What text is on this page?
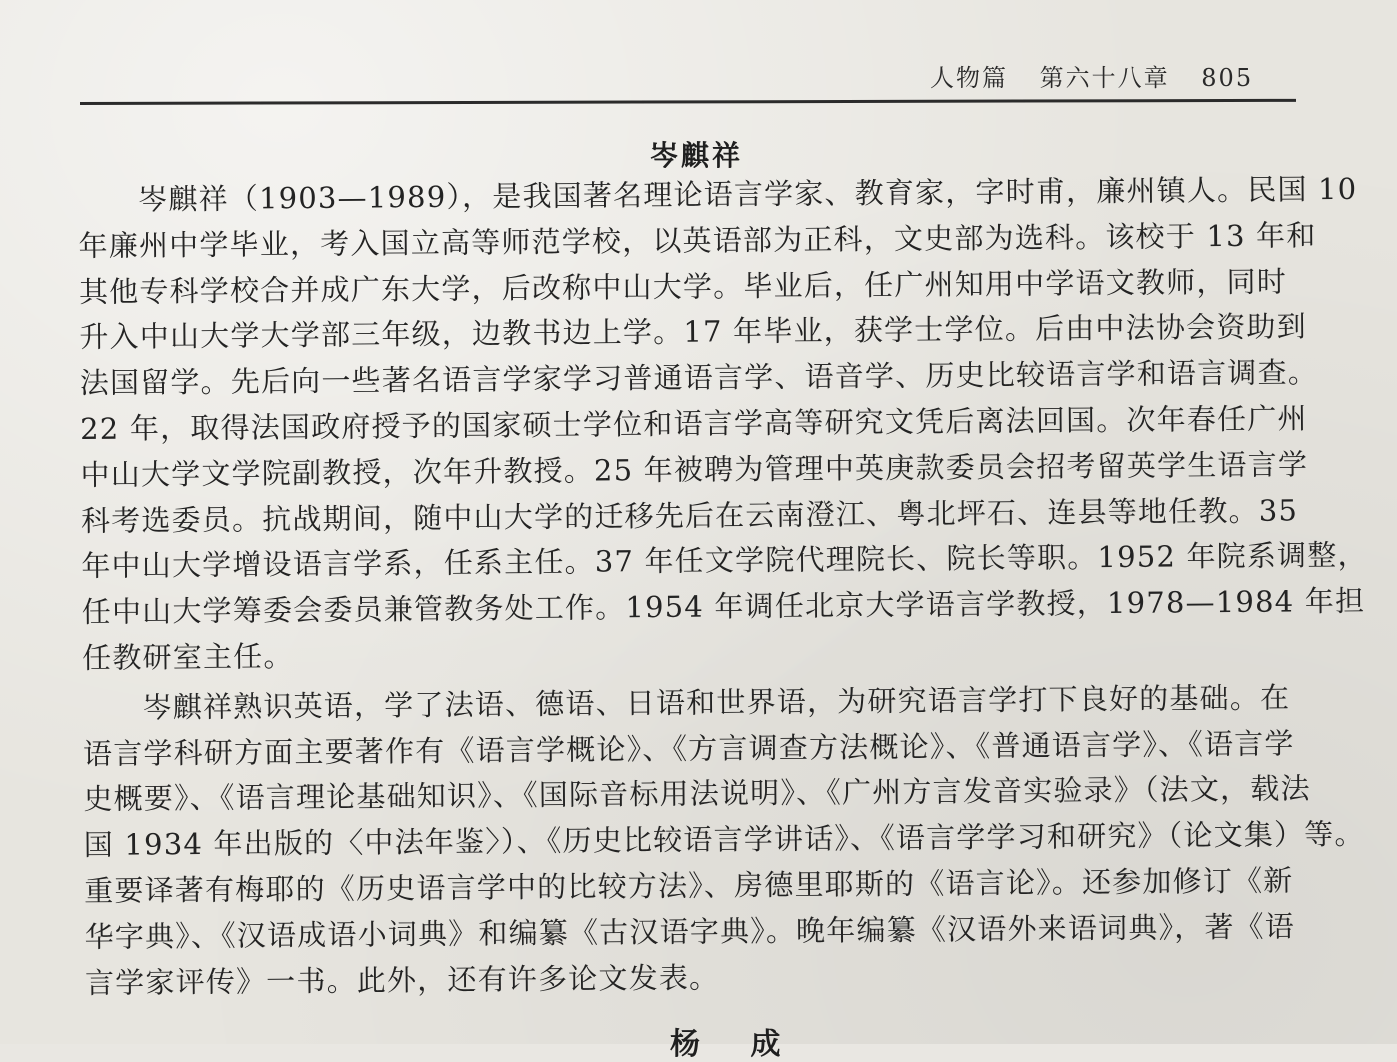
人物篇 第六十八章 805
岑麒祥
岑麒祥（1903—1989），是我国著名理论语言学家、教育家，字时甫，廉州镇人。民国 10
年廉州中学毕业，考入国立高等师范学校，以英语部为正科，文史部为选科。该校于 13 年和
其他专科学校合并成广东大学，后改称中山大学。毕业后，任广州知用中学语文教师，同时
升入中山大学大学部三年级，边教书边上学。17 年毕业，获学士学位。后由中法协会资助到
法国留学。先后向一些著名语言学家学习普通语言学、语音学、历史比较语言学和语言调查。
22 年，取得法国政府授予的国家硕士学位和语言学高等研究文凭后离法回国。次年春任广州
中山大学文学院副教授，次年升教授。25 年被聘为管理中英庚款委员会招考留英学生语言学
科考选委员。抗战期间，随中山大学的迁移先后在云南澄江、粤北坪石、连县等地任教。35
年中山大学增设语言学系，任系主任。37 年任文学院代理院长、院长等职。1952 年院系调整，
任中山大学筹委会委员兼管教务处工作。1954 年调任北京大学语言学教授，1978—1984 年担
任教研室主任。
岑麒祥熟识英语，学了法语、德语、日语和世界语，为研究语言学打下良好的基础。在
语言学科研方面主要著作有《语言学概论》、《方言调查方法概论》、《普通语言学》、《语言学
史概要》、《语言理论基础知识》、《国际音标用法说明》、《广州方言发音实验录》（法文，载法
国 1934 年出版的〈中法年鉴〉）、《历史比较语言学讲话》、《语言学学习和研究》（论文集）等。
重要译著有梅耶的《历史语言学中的比较方法》、房德里耶斯的《语言论》。还参加修订《新
华字典》、《汉语成语小词典》和编纂《古汉语字典》。晚年编纂《汉语外来语词典》，著《语
言学家评传》一书。此外，还有许多论文发表。
杨 成
